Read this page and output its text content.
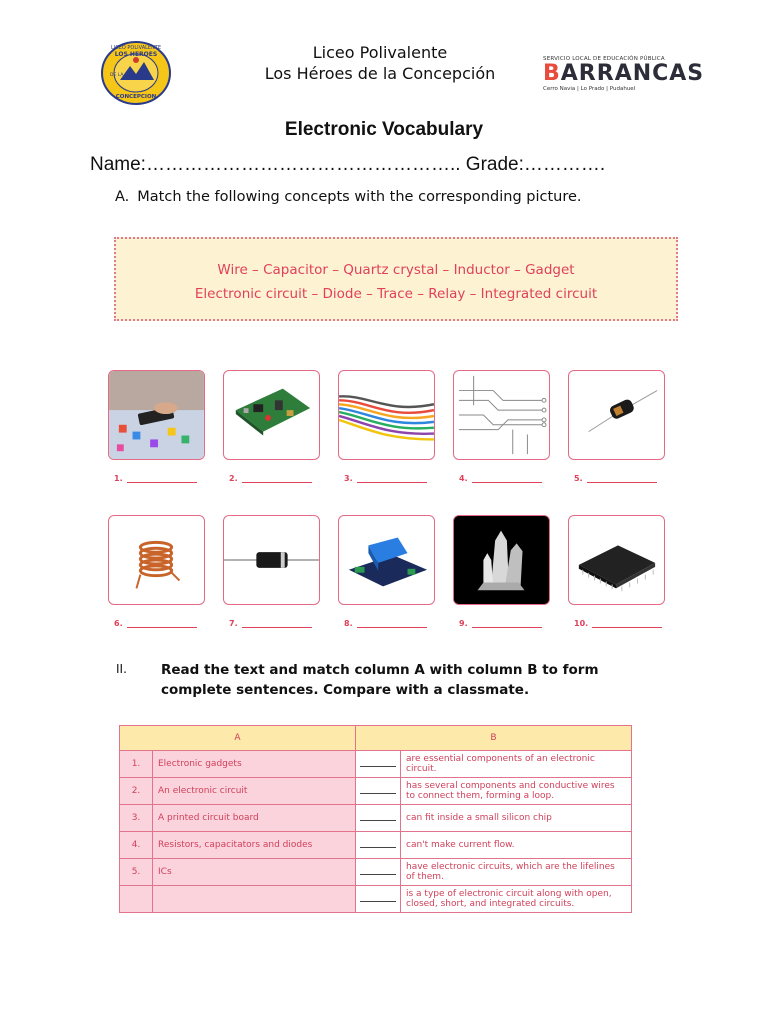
LICEO POLIVALENTE
LOS HEROES
DE LA
CONCEPCION
Liceo Polivalente
Los Héroes de la Concepción
SERVICIO LOCAL DE EDUCACIÓN PÚBLICA
BARRANCAS
Cerro Navia | Lo Prado | Pudahuel
Electronic Vocabulary
Name:………………………………………….. Grade:………….
A. Match the following concepts with the corresponding picture.
Wire – Capacitor – Quartz crystal – Inductor – Gadget
Electronic circuit – Diode – Trace – Relay – Integrated circuit
1.	2.	3.	4.	5.
6.	7.	8.	9.	10.
II.	Read the text and match column A with column B to form complete sentences. Compare with a classmate.
A		B	
1.	Electronic gadgets		are essential components of an electronic circuit.
2.	An electronic circuit		has several components and conductive wires to connect them, forming a loop.
3.	A printed circuit board		can fit inside a small silicon chip
4.	Resistors, capacitators and diodes		can't make current flow.
5.	ICs		have electronic circuits, which are the lifelines of them.
			is a type of electronic circuit along with open, closed, short, and integrated circuits.
